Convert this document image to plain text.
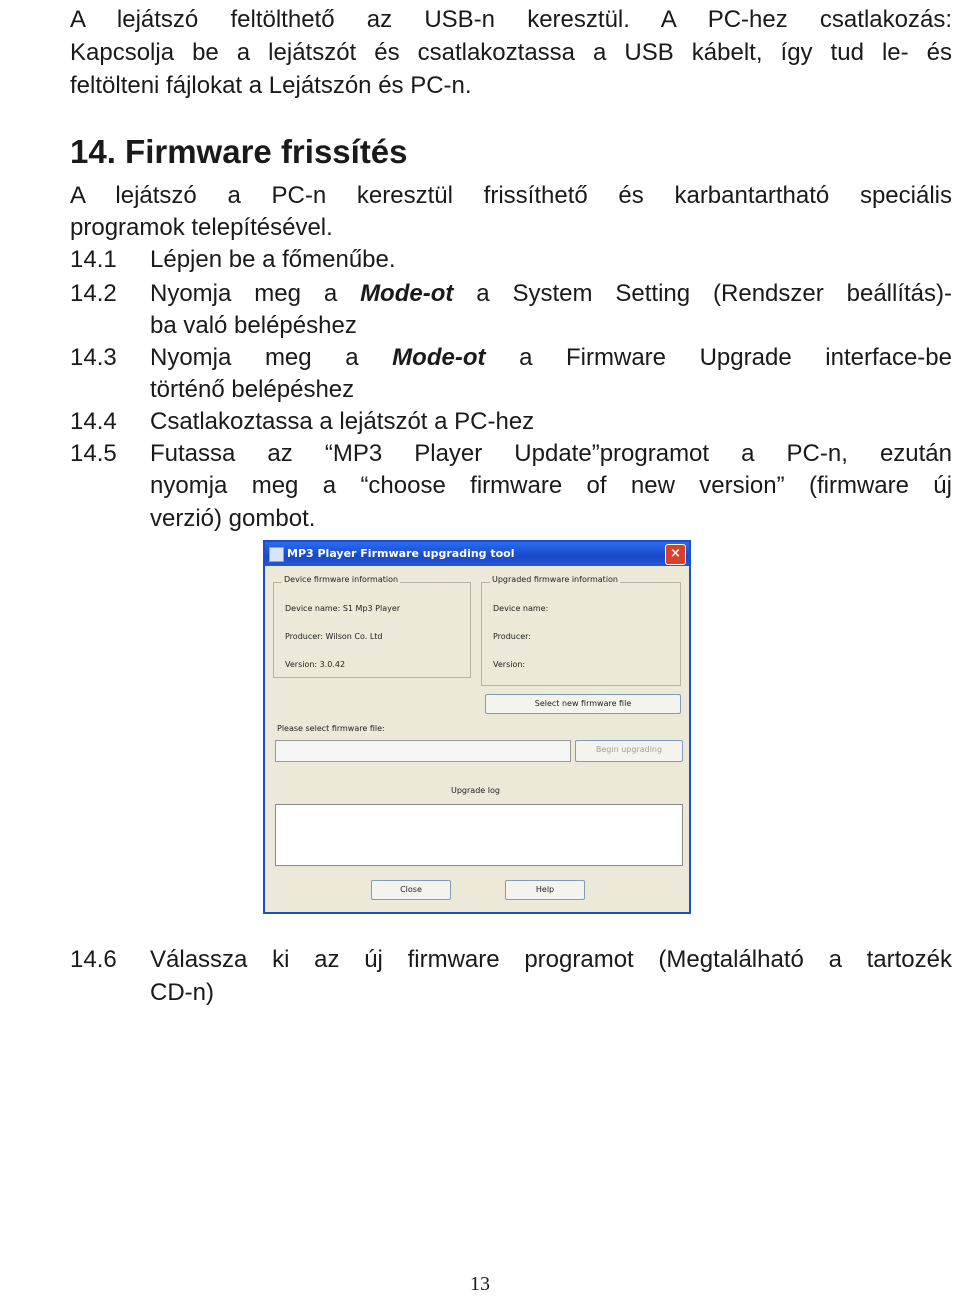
A lejátszó feltölthető az USB-n keresztül. A PC-hez csatlakozás:
Kapcsolja be a lejátszót és csatlakoztassa a USB kábelt, így tud le- és
feltölteni fájlokat a Lejátszón és PC-n.
14. Firmware frissítés
A lejátszó a PC-n keresztül frissíthető és karbantartható speciális
programok telepítésével.
14.1 Lépjen be a főmenűbe.
14.2 Nyomja meg a Mode-ot a System Setting (Rendszer beállítás)-
ba való belépéshez
14.3 Nyomja meg a Mode-ot a Firmware Upgrade interface-be
történő belépéshez
14.4 Csatlakoztassa a lejátszót a PC-hez
14.5 Futassa az “MP3 Player Update”programot a PC-n, ezután
nyomja meg a “choose firmware of new version” (firmware új
verzió) gombot.
MP3 Player Firmware upgrading tool	×
Device firmware information
Device name: S1 Mp3 Player
Producer: Wilson Co. Ltd
Version: 3.0.42
Upgraded firmware information
Device name:
Producer:
Version:
Select new firmware file
Please select firmware file:
Begin upgrading
Upgrade log
Close	Help
14.6 Válassza ki az új firmware programot (Megtalálható a tartozék
CD-n)
13
